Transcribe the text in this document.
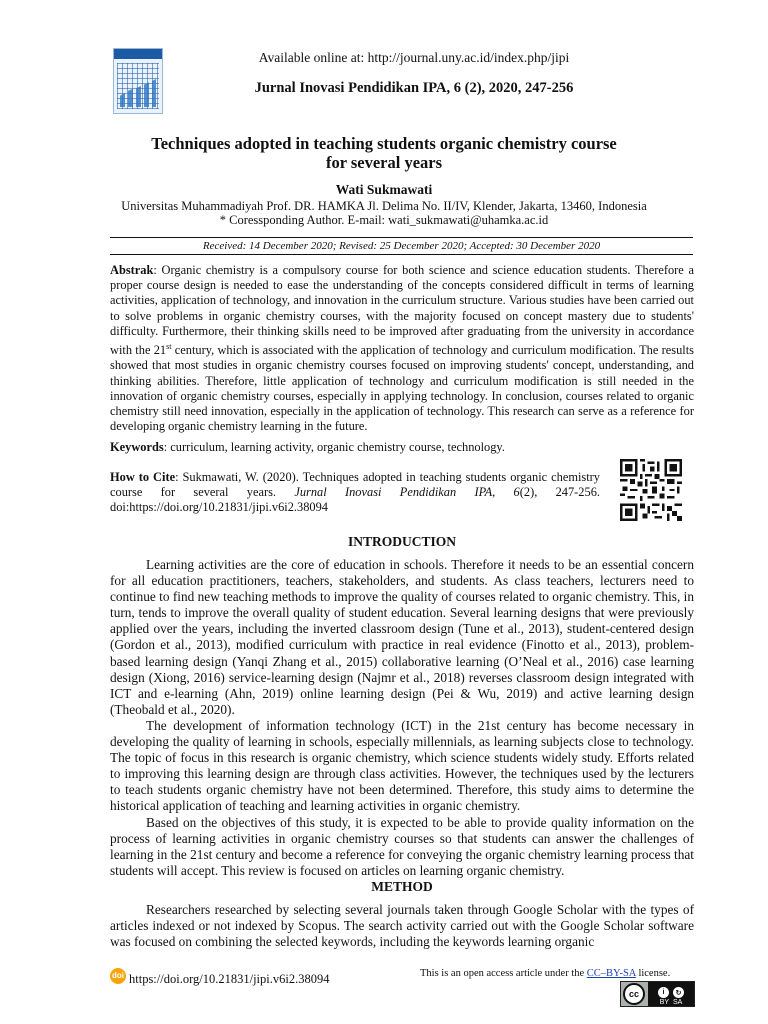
Available online at: http://journal.uny.ac.id/index.php/jipi
Jurnal Inovasi Pendidikan IPA, 6 (2), 2020, 247-256
Techniques adopted in teaching students organic chemistry course
for several years
Wati Sukmawati
Universitas Muhammadiyah Prof. DR. HAMKA Jl. Delima No. II/IV, Klender, Jakarta, 13460, Indonesia
* Coressponding Author. E-mail: wati_sukmawati@uhamka.ac.id
Received: 14 December 2020; Revised: 25 December 2020; Accepted: 30 December 2020
Abstrak: Organic chemistry is a compulsory course for both science and science education students. Therefore a proper course design is needed to ease the understanding of the concepts considered difficult in terms of learning activities, application of technology, and innovation in the curriculum structure. Various studies have been carried out to solve problems in organic chemistry courses, with the majority focused on concept mastery due to students' difficulty. Furthermore, their thinking skills need to be improved after graduating from the university in accordance with the 21st century, which is associated with the application of technology and curriculum modification. The results showed that most studies in organic chemistry courses focused on improving students' concept, understanding, and thinking abilities. Therefore, little application of technology and curriculum modification is still needed in the innovation of organic chemistry courses, especially in applying technology. In conclusion, courses related to organic chemistry still need innovation, especially in the application of technology. This research can serve as a reference for developing organic chemistry learning in the future.
Keywords: curriculum, learning activity, organic chemistry course, technology.
How to Cite: Sukmawati, W. (2020). Techniques adopted in teaching students organic chemistry course for several years. Jurnal Inovasi Pendidikan IPA, 6(2), 247-256. doi:https://doi.org/10.21831/jipi.v6i2.38094
INTRODUCTION

Learning activities are the core of education in schools. Therefore it needs to be an essential concern for all education practitioners, teachers, stakeholders, and students. As class teachers, lecturers need to continue to find new teaching methods to improve the quality of courses related to organic chemistry. This, in turn, tends to improve the overall quality of student education. Several learning designs that were previously applied over the years, including the inverted classroom design (Tune et al., 2013), student-centered design (Gordon et al., 2013), modified curriculum with practice in real evidence (Finotto et al., 2013), problem-based learning design (Yanqi Zhang et al., 2015) collaborative learning (O’Neal et al., 2016) case learning design (Xiong, 2016) service-learning design (Najmr et al., 2018) reverses classroom design integrated with ICT and e-learning (Ahn, 2019) online learning design (Pei & Wu, 2019) and active learning design (Theobald et al., 2020).

The development of information technology (ICT) in the 21st century has become necessary in developing the quality of learning in schools, especially millennials, as learning subjects close to technology. The topic of focus in this research is organic chemistry, which science students widely study. Efforts related to improving this learning design are through class activities. However, the techniques used by the lecturers to teach students organic chemistry have not been determined. Therefore, this study aims to determine the historical application of teaching and learning activities in organic chemistry.

Based on the objectives of this study, it is expected to be able to provide quality information on the process of learning activities in organic chemistry courses so that students can answer the challenges of learning in the 21st century and become a reference for conveying the organic chemistry learning process that students will accept. This review is focused on articles on learning organic chemistry.

METHOD

Researchers researched by selecting several journals taken through Google Scholar with the types of articles indexed or not indexed by Scopus. The search activity carried out with the Google Scholar software was focused on combining the selected keywords, including the keywords learning organic

doi https://doi.org/10.21831/jipi.v6i2.38094	This is an open access article under the CC–BY-SA license.
cc	i	↻
BY SA
